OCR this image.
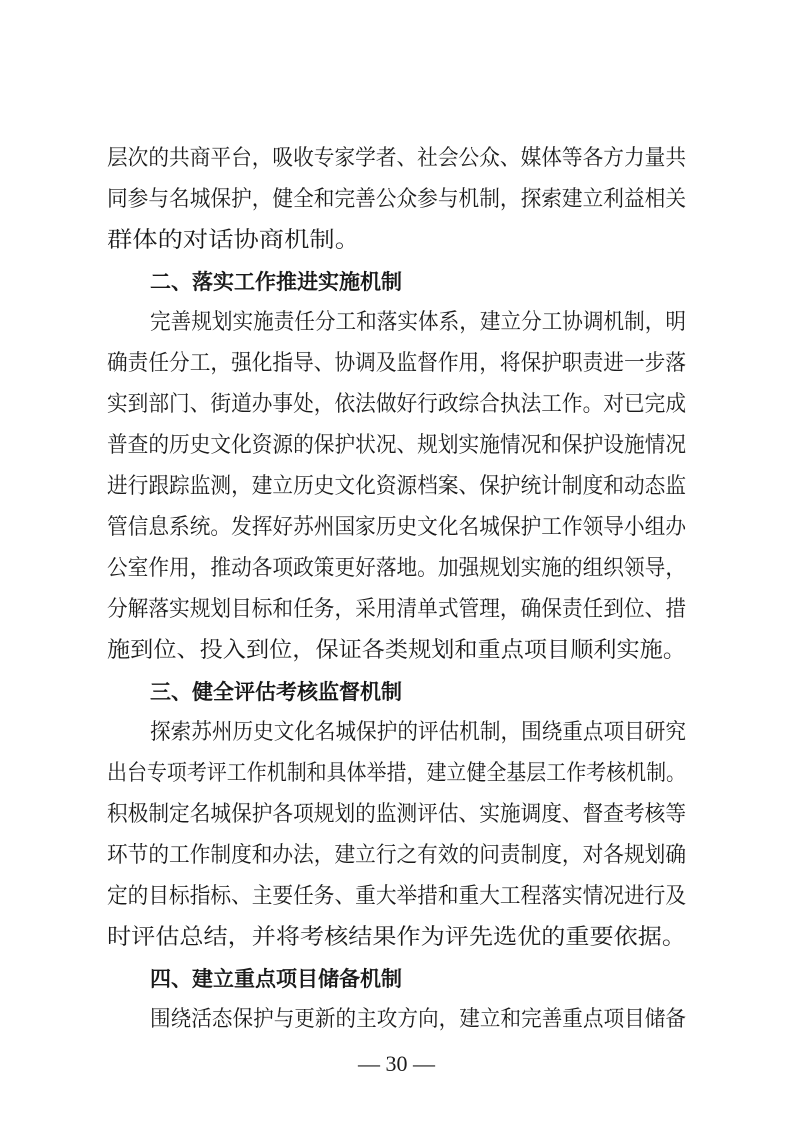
层次的共商平台，吸收专家学者、社会公众、媒体等各方力量共
同参与名城保护，健全和完善公众参与机制，探索建立利益相关
群体的对话协商机制。
二、落实工作推进实施机制
完善规划实施责任分工和落实体系，建立分工协调机制，明
确责任分工，强化指导、协调及监督作用，将保护职责进一步落
实到部门、街道办事处，依法做好行政综合执法工作。对已完成
普查的历史文化资源的保护状况、规划实施情况和保护设施情况
进行跟踪监测，建立历史文化资源档案、保护统计制度和动态监
管信息系统。发挥好苏州国家历史文化名城保护工作领导小组办
公室作用，推动各项政策更好落地。加强规划实施的组织领导，
分解落实规划目标和任务，采用清单式管理，确保责任到位、措
施到位、投入到位，保证各类规划和重点项目顺利实施。
三、健全评估考核监督机制
探索苏州历史文化名城保护的评估机制，围绕重点项目研究
出台专项考评工作机制和具体举措，建立健全基层工作考核机制。
积极制定名城保护各项规划的监测评估、实施调度、督查考核等
环节的工作制度和办法，建立行之有效的问责制度，对各规划确
定的目标指标、主要任务、重大举措和重大工程落实情况进行及
时评估总结，并将考核结果作为评先选优的重要依据。
四、建立重点项目储备机制
围绕活态保护与更新的主攻方向，建立和完善重点项目储备
— 30 —
